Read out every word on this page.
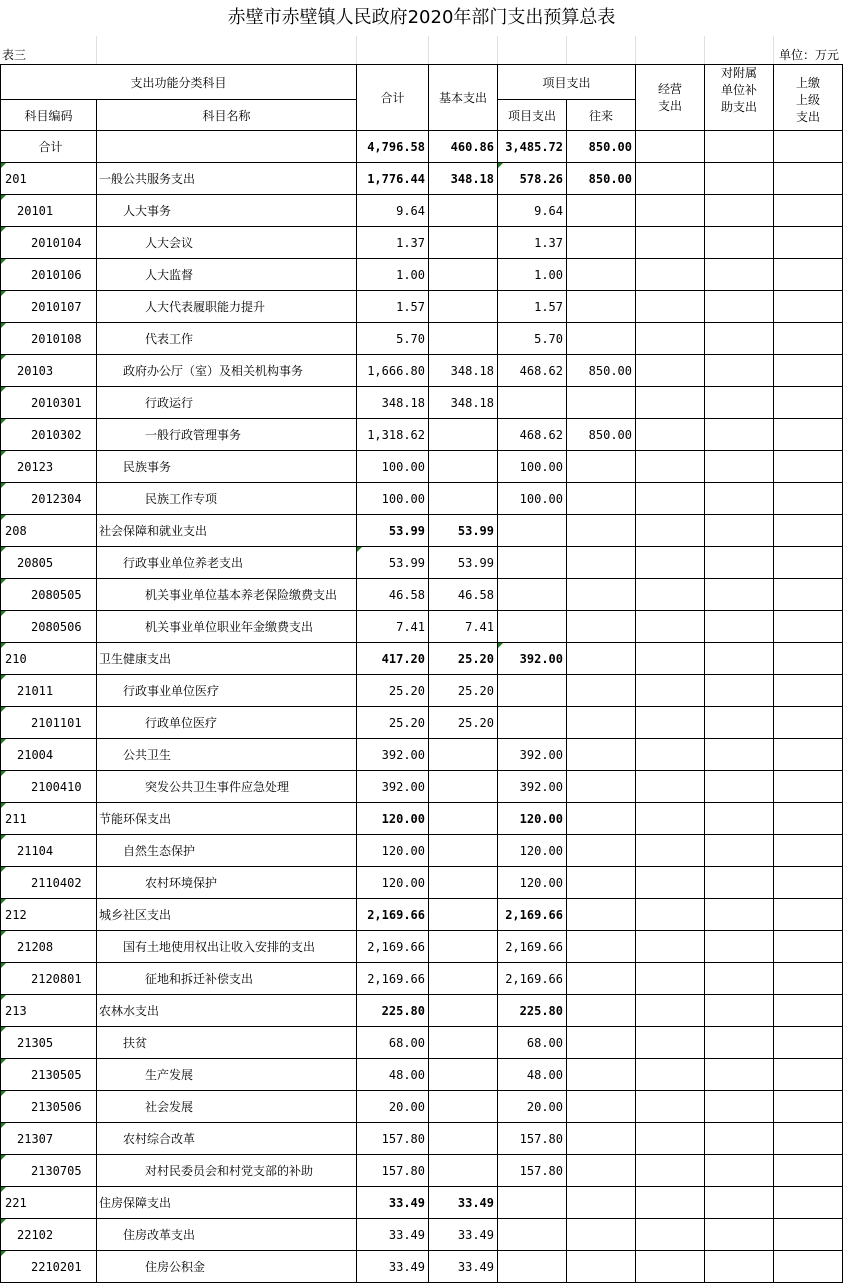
赤壁市赤壁镇人民政府2020年部门支出预算总表
表三	单位：万元
支出功能分类科目		合计	基本支出	项目支出		经营支出	对附属单位补助支出	上缴上级支出

科目编码	科目名称			项目支出	往来			
合计		4,796.58	460.86	3,485.72	850.00			
201	一般公共服务支出	1,776.44	348.18	578.26	850.00			
20101	人大事务	9.64		9.64				
2010104	人大会议	1.37		1.37				
2010106	人大监督	1.00		1.00				
2010107	人大代表履职能力提升	1.57		1.57				
2010108	代表工作	5.70		5.70				
20103	政府办公厅（室）及相关机构事务	1,666.80	348.18	468.62	850.00			
2010301	行政运行	348.18	348.18					
2010302	一般行政管理事务	1,318.62		468.62	850.00			
20123	民族事务	100.00		100.00				
2012304	民族工作专项	100.00		100.00				
208	社会保障和就业支出	53.99	53.99					
20805	行政事业单位养老支出	53.99	53.99					
2080505	机关事业单位基本养老保险缴费支出	46.58	46.58					
2080506	机关事业单位职业年金缴费支出	7.41	7.41					
210	卫生健康支出	417.20	25.20	392.00				
21011	行政事业单位医疗	25.20	25.20					
2101101	行政单位医疗	25.20	25.20					
21004	公共卫生	392.00		392.00				
2100410	突发公共卫生事件应急处理	392.00		392.00				
211	节能环保支出	120.00		120.00				
21104	自然生态保护	120.00		120.00				
2110402	农村环境保护	120.00		120.00				
212	城乡社区支出	2,169.66		2,169.66				
21208	国有土地使用权出让收入安排的支出	2,169.66		2,169.66				
2120801	征地和拆迁补偿支出	2,169.66		2,169.66				
213	农林水支出	225.80		225.80				
21305	扶贫	68.00		68.00				
2130505	生产发展	48.00		48.00				
2130506	社会发展	20.00		20.00				
21307	农村综合改革	157.80		157.80				
2130705	对村民委员会和村党支部的补助	157.80		157.80				
221	住房保障支出	33.49	33.49					
22102	住房改革支出	33.49	33.49					
2210201	住房公积金	33.49	33.49					
